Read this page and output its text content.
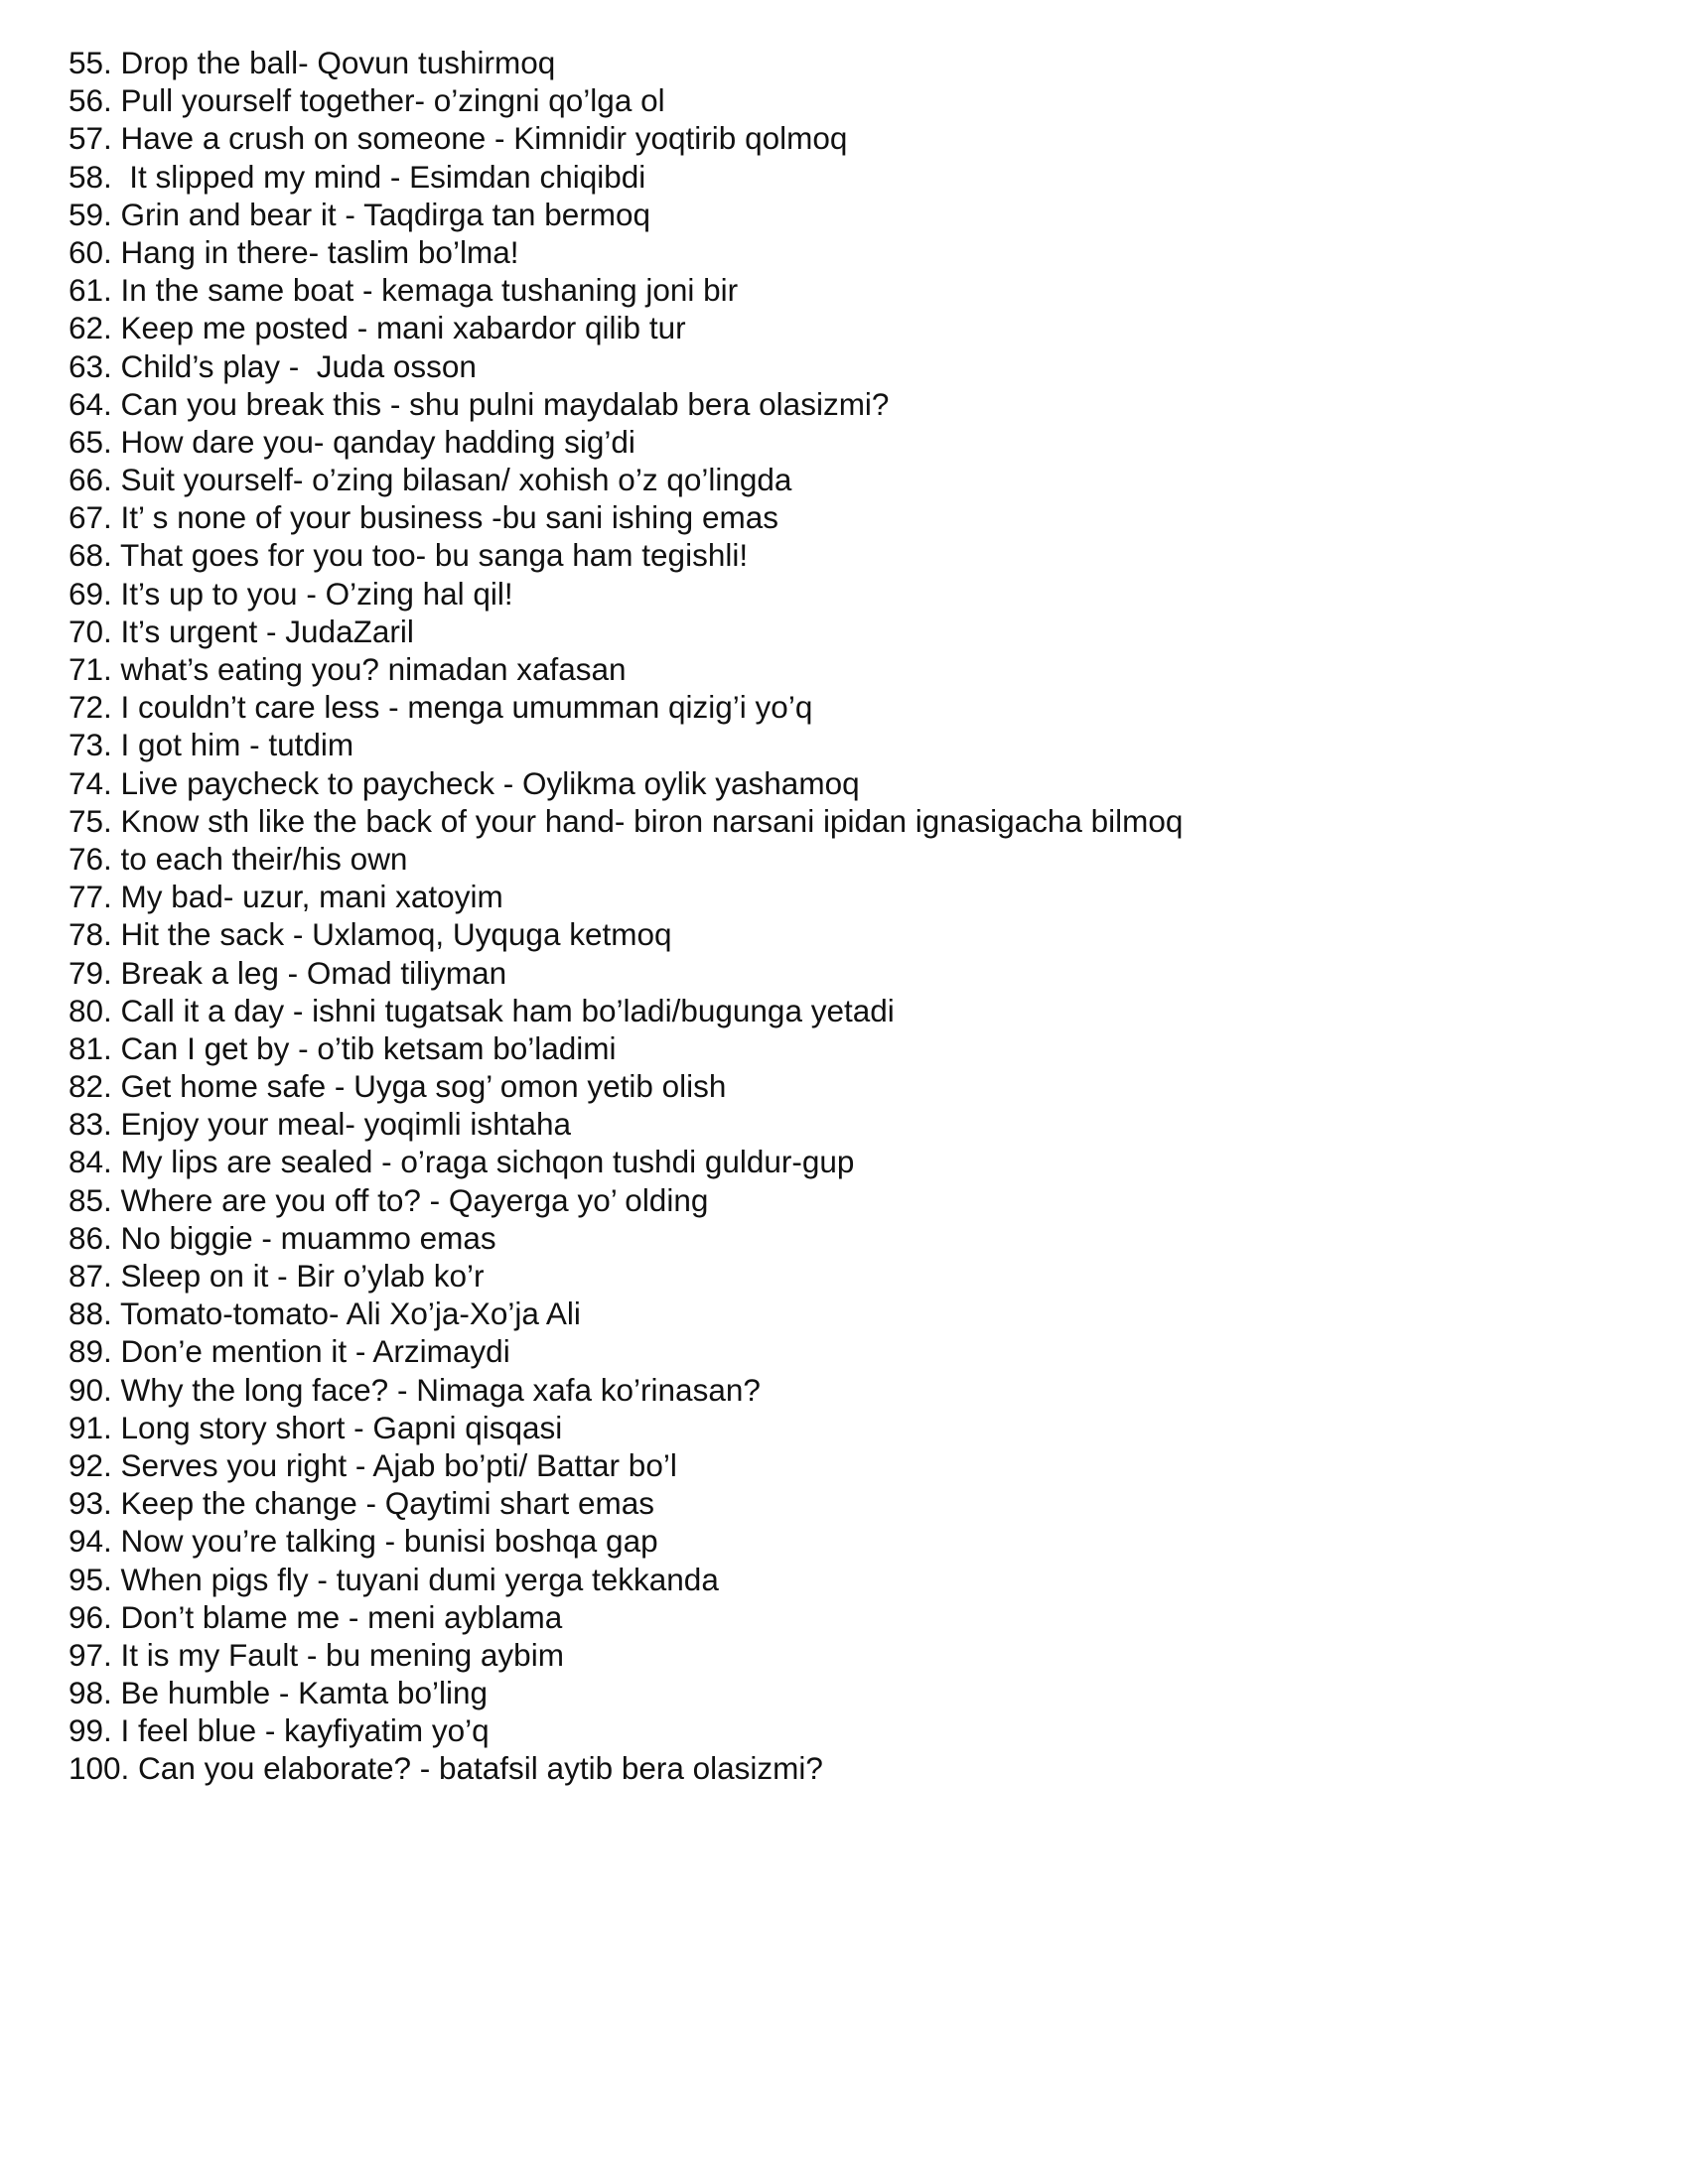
55. Drop the ball- Qovun tushirmoq
56. Pull yourself together- o’zingni qo’lga ol
57. Have a crush on someone - Kimnidir yoqtirib qolmoq
58.  It slipped my mind - Esimdan chiqibdi
59. Grin and bear it - Taqdirga tan bermoq
60. Hang in there- taslim bo’lma!
61. In the same boat - kemaga tushaning joni bir
62. Keep me posted - mani xabardor qilib tur
63. Child’s play -  Juda osson
64. Can you break this - shu pulni maydalab bera olasizmi?
65. How dare you- qanday hadding sig’di
66. Suit yourself- o’zing bilasan/ xohish o’z qo’lingda
67. It’ s none of your business -bu sani ishing emas
68. That goes for you too- bu sanga ham tegishli!
69. It’s up to you - O’zing hal qil!
70. It’s urgent - JudaZaril
71. what’s eating you? nimadan xafasan
72. I couldn’t care less - menga umumman qizig’i yo’q
73. I got him - tutdim
74. Live paycheck to paycheck - Oylikma oylik yashamoq
75. Know sth like the back of your hand- biron narsani ipidan ignasigacha bilmoq
76. to each their/his own
77. My bad- uzur, mani xatoyim
78. Hit the sack - Uxlamoq, Uyquga ketmoq
79. Break a leg - Omad tiliyman
80. Call it a day - ishni tugatsak ham bo’ladi/bugunga yetadi
81. Can I get by - o’tib ketsam bo’ladimi
82. Get home safe - Uyga sog’ omon yetib olish
83. Enjoy your meal- yoqimli ishtaha
84. My lips are sealed - o’raga sichqon tushdi guldur-gup
85. Where are you off to? - Qayerga yo’ olding
86. No biggie - muammo emas
87. Sleep on it - Bir o’ylab ko’r
88. Tomato-tomato- Ali Xo’ja-Xo’ja Ali
89. Don’e mention it - Arzimaydi
90. Why the long face? - Nimaga xafa ko’rinasan?
91. Long story short - Gapni qisqasi
92. Serves you right - Ajab bo’pti/ Battar bo’l
93. Keep the change - Qaytimi shart emas
94. Now you’re talking - bunisi boshqa gap
95. When pigs fly - tuyani dumi yerga tekkanda
96. Don’t blame me - meni ayblama
97. It is my Fault - bu mening aybim
98. Be humble - Kamta bo’ling
99. I feel blue - kayfiyatim yo’q
100. Can you elaborate? - batafsil aytib bera olasizmi?
